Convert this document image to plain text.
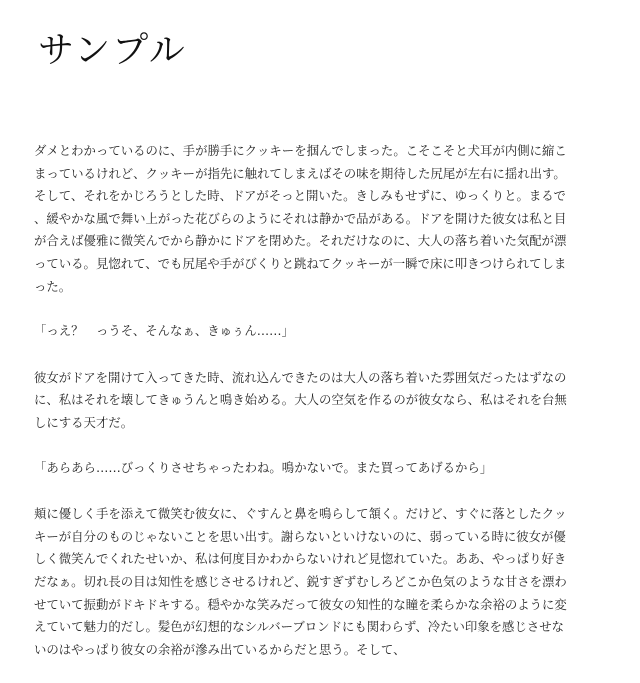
サンプル

ダメとわかっているのに、手が勝手にクッキーを掴んでしまった。こそこそと犬耳が内側に縮こまっているけれど、クッキーが指先に触れてしまえばその味を期待した尻尾が左右に揺れ出す。そして、それをかじろうとした時、ドアがそっと開いた。きしみもせずに、ゆっくりと。まるで、緩やかな風で舞い上がった花びらのようにそれは静かで品がある。ドアを開けた彼女は私と目が合えば優雅に微笑んでから静かにドアを閉めた。それだけなのに、大人の落ち着いた気配が漂っている。見惚れて、でも尻尾や手がびくりと跳ねてクッキーが一瞬で床に叩きつけられてしまった。

「っえ？　っうそ、そんなぁ、きゅぅん……」

彼女がドアを開けて入ってきた時、流れ込んできたのは大人の落ち着いた雰囲気だったはずなのに、私はそれを壊してきゅうんと鳴き始める。大人の空気を作るのが彼女なら、私はそれを台無しにする天才だ。

「あらあら……びっくりさせちゃったわね。鳴かないで。また買ってあげるから」

頬に優しく手を添えて微笑む彼女に、ぐすんと鼻を鳴らして頷く。だけど、すぐに落としたクッキーが自分のものじゃないことを思い出す。謝らないといけないのに、弱っている時に彼女が優しく微笑んでくれたせいか、私は何度目かわからないけれど見惚れていた。ああ、やっぱり好きだなぁ。切れ長の目は知性を感じさせるけれど、鋭すぎずむしろどこか色気のような甘さを漂わせていて振動がドキドキする。穏やかな笑みだって彼女の知性的な瞳を柔らかな余裕のように変えていて魅力的だし。髪色が幻想的なシルバーブロンドにも関わらず、冷たい印象を感じさせないのはやっぱり彼女の余裕が滲み出ているからだと思う。そして、
